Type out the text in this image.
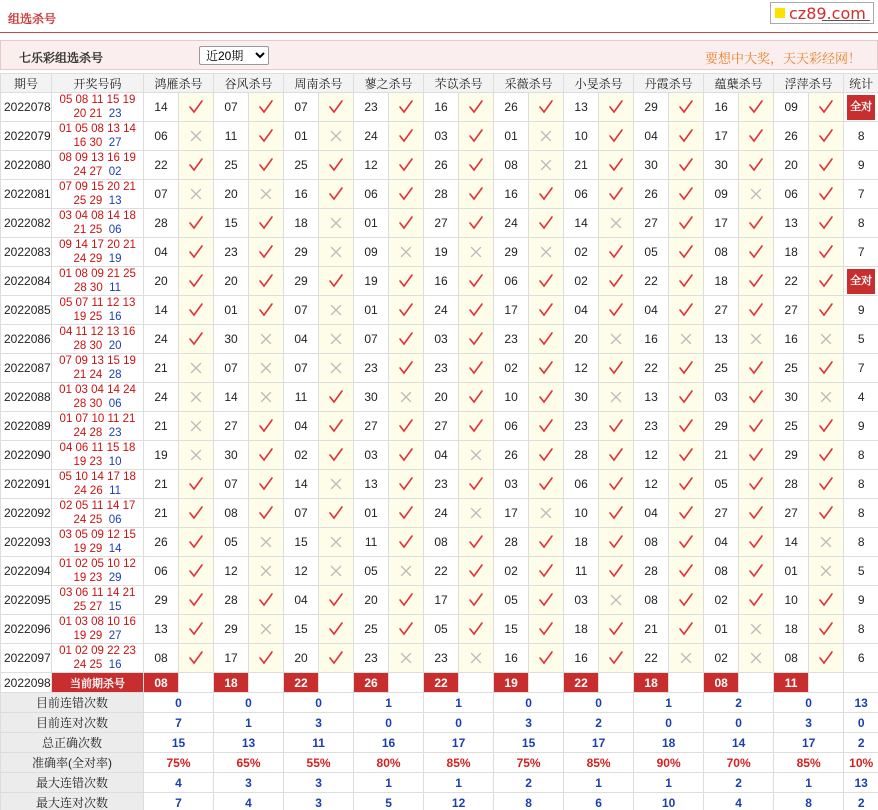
组选杀号	cz89.com
七乐彩组选杀号
近20期	要想中大奖，天天彩经网！
期号	开奖号码	鸿雁杀号		谷风杀号		周南杀号		蓼之杀号		芣苡杀号		采薇杀号		小旻杀号		丹霞杀号		蕴蘖杀号		浮萍杀号		统计
2022078	05 08 11 15 19
20 21 23	14		07		07		23		16		26		13		29		16		09		全对
2022079	01 05 08 13 14
16 30 27	06		11		01		24		03		01		10		04		17		26		8
2022080	08 09 13 16 19
24 27 02	22		25		25		12		26		08		21		30		30		20		9
2022081	07 09 15 20 21
25 29 13	07		20		16		06		28		16		06		26		09		06		7
2022082	03 04 08 14 18
21 25 06	28		15		18		01		27		24		14		27		17		13		8
2022083	09 14 17 20 21
24 29 19	04		23		29		09		19		29		02		05		08		18		7
2022084	01 08 09 21 25
28 30 11	20		20		29		19		16		06		02		22		18		22		全对
2022085	05 07 11 12 13
19 25 16	14		01		07		01		24		17		04		04		27		27		9
2022086	04 11 12 13 16
28 30 20	24		30		04		07		03		23		20		16		13		16		5
2022087	07 09 13 15 19
21 24 28	21		07		07		23		23		02		12		22		25		25		7
2022088	01 03 04 14 24
28 30 06	24		14		11		30		20		10		30		13		03		30		4
2022089	01 07 10 11 21
24 28 23	21		27		04		27		27		06		23		23		29		25		9
2022090	04 06 11 15 18
19 23 10	19		30		02		03		04		26		28		12		21		29		8
2022091	05 10 14 17 18
24 26 11	21		07		14		13		23		03		06		12		05		28		8
2022092	02 05 11 14 17
24 25 06	21		08		07		01		24		17		10		04		27		27		8
2022093	03 05 09 12 15
19 29 14	26		05		15		11		08		28		18		08		04		14		8
2022094	01 02 05 10 12
19 23 29	06		12		12		05		22		02		11		28		08		01		5
2022095	03 06 11 14 21
25 27 15	29		28		04		20		17		05		03		08		02		10		9
2022096	01 03 08 10 16
19 29 27	13		29		15		25		05		15		18		21		01		18		8
2022097	01 02 09 22 23
24 25 16	08		17		20		23		23		16		16		22		02		08		6
2022098	当前期杀号	08		18		22		26		22		19		22		18		08		11		
目前连错次数		0		0		0		1		1		0		0		1		2		0		13
目前连对次数		7		1		3		0		0		3		2		0		0		3		0
总正确次数		15		13		11		16		17		15		17		18		14		17		2
准确率(全对率)		75%		65%		55%		80%		85%		75%		85%		90%		70%		85%		10%
最大连错次数		4		3		3		1		1		2		1		1		2		1		13
最大连对次数		7		4		3		5		12		8		6		10		4		8		2
